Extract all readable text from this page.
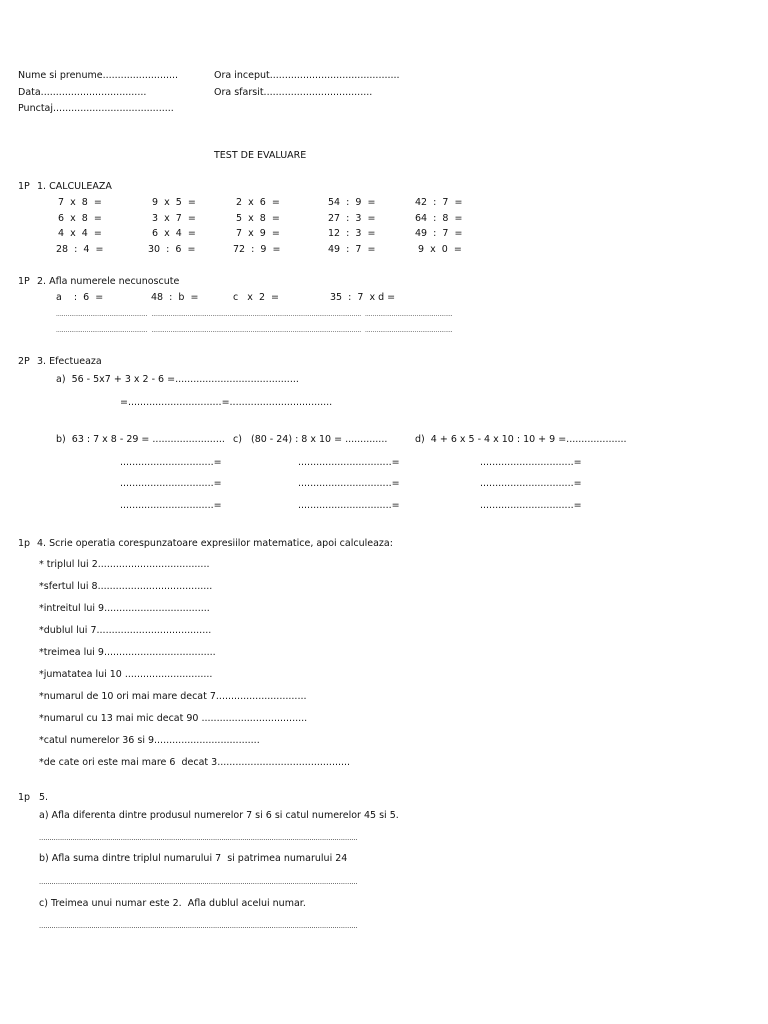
Nume si prenume.........................	Ora inceput...........................................
Data...................................	Ora sfarsit....................................
Punctaj........................................
TEST DE EVALUARE
1P 1. CALCULEAZA
7  x  8  =	9  x  5  =	2  x  6  =	54  :  9  =	42  :  7  =
6  x  8  =	3  x  7  =	5  x  8  =	27  :  3  =	64  :  8  =
4  x  4  =	6  x  4  =	7  x  9  =	12  :  3  =	49  :  7  =
28  :  4  =	30  :  6  =	72  :  9  =	49  :  7  =	9  x  0  =
1P 2. Afla numerele necunoscute
a    :  6  =	48  :  b  =	c   x  2  =	35  :  7  x d =
................................................  ..............................................................................................................  ..............................................
................................................  ..............................................................................................................  ..............................................
2P 3. Efectueaza
a)  56 - 5x7 + 3 x 2 - 6 =.........................................
=...............................=..................................
b)  63 : 7 x 8 - 29 = ........................ c)   (80 - 24) : 8 x 10 = ..............	d)  4 + 6 x 5 - 4 x 10 : 10 + 9 =....................
...............................=	...............................=	...............................=
...............................=	...............................=	...............................=
...............................=	...............................=	...............................=
1p 4. Scrie operatia corespunzatoare expresiilor matematice, apoi calculeaza:
* triplul lui 2.....................................
*sfertul lui 8......................................
*intreitul lui 9...................................
*dublul lui 7......................................
*treimea lui 9.....................................
*jumatatea lui 10 .............................
*numarul de 10 ori mai mare decat 7..............................
*numarul cu 13 mai mic decat 90 ...................................
*catul numerelor 36 si 9...................................
*de cate ori este mai mare 6  decat 3............................................
1p 5.
a) Afla diferenta dintre produsul numerelor 7 si 6 si catul numerelor 45 si 5.
........................................................................................................................................................
b) Afla suma dintre triplul numarului 7  si patrimea numarului 24
........................................................................................................................................................
c) Treimea unui numar este 2.  Afla dublul acelui numar.
........................................................................................................................................................
